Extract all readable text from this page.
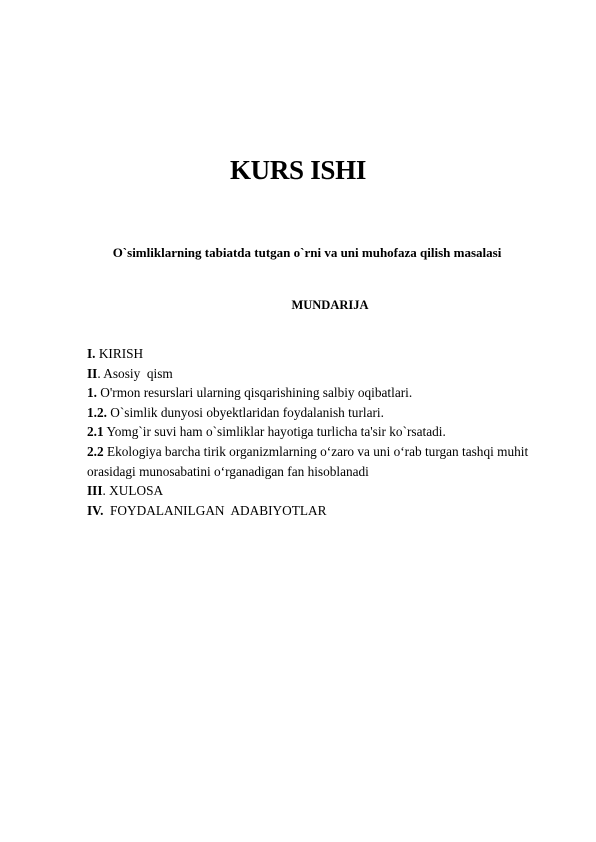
KURS ISHI
O`simliklarning tabiatda tutgan o`rni va uni muhofaza qilish masalasi
MUNDARIJA
I. KIRISH
II. Asosiy  qism
1. O'rmon resurslari ularning qisqarishining salbiy oqibatlari.
1.2. O`simlik dunyosi obyektlaridan foydalanish turlari.
2.1 Yomg`ir suvi ham o`simliklar hayotiga turlicha ta'sir ko`rsatadi.
2.2 Ekologiya barcha tirik organizmlarning o‘zaro va uni o‘rab turgan tashqi muhit
orasidagi munosabatini o‘rganadigan fan hisoblanadi
III. XULOSA
IV.  FOYDALANILGAN  ADABIYOTLAR
